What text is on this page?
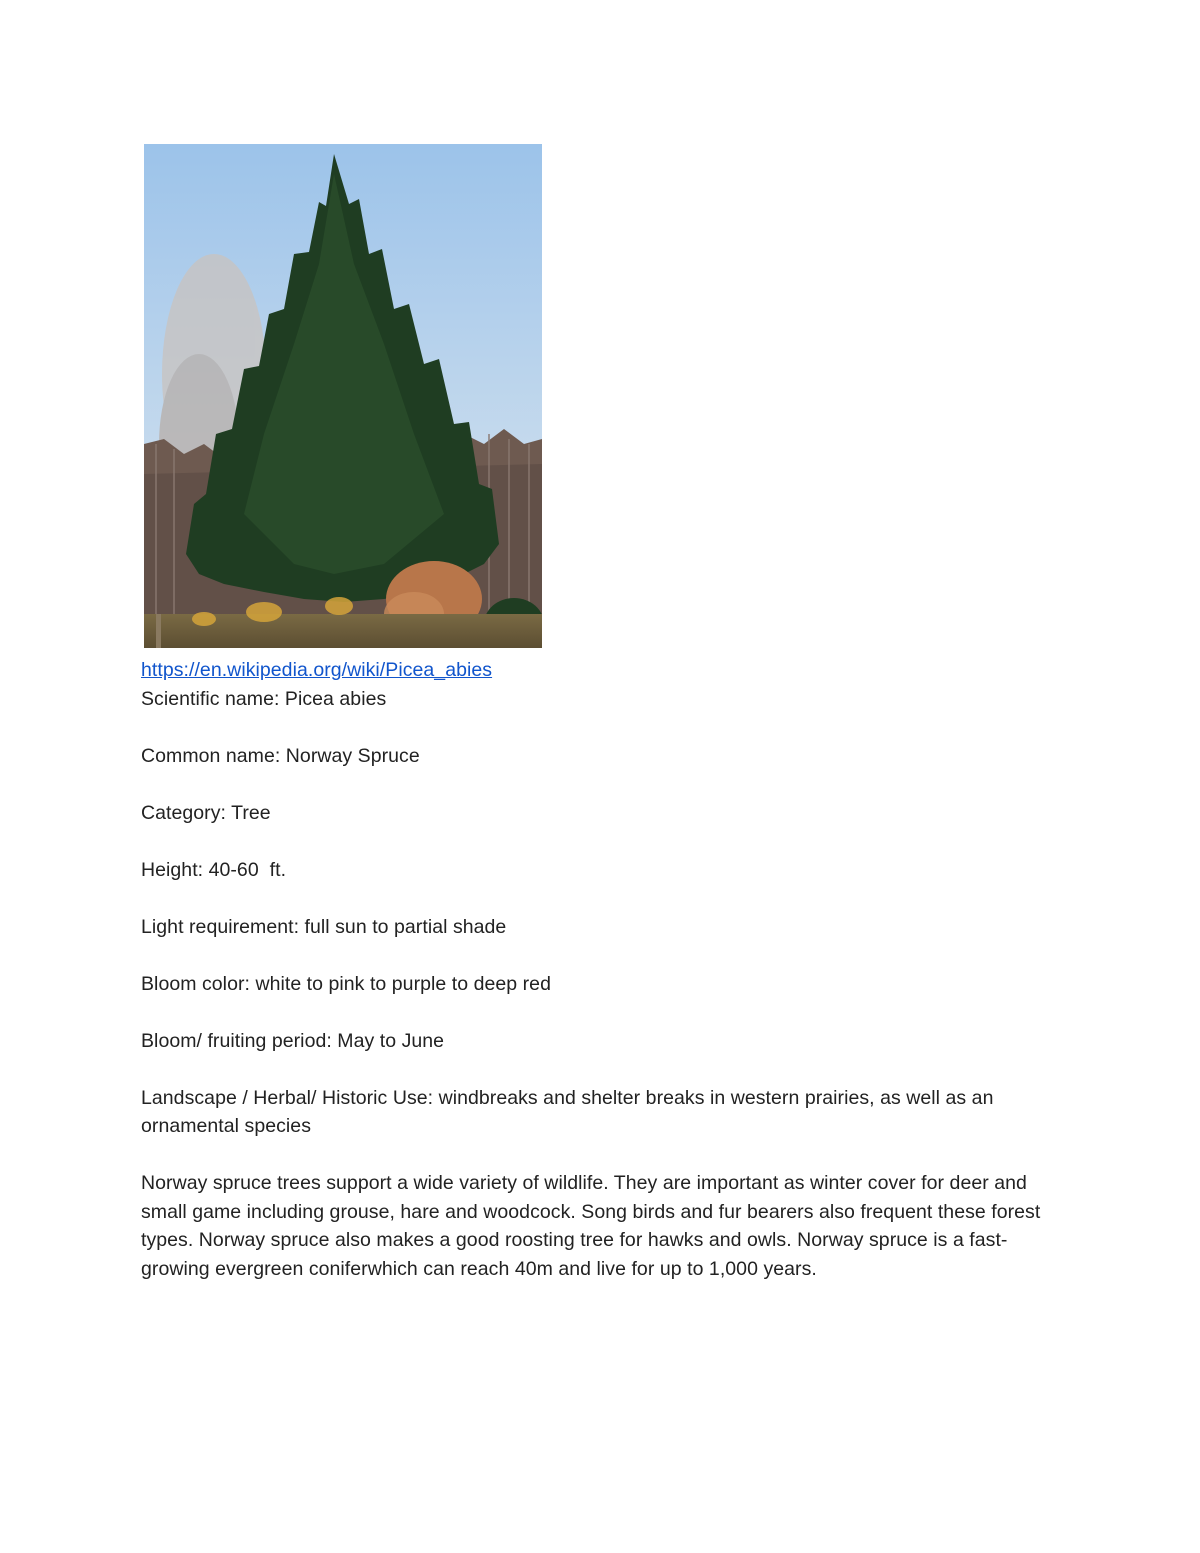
https://en.wikipedia.org/wiki/Picea_abies

Scientific name: Picea abies

Common name: Norway Spruce

Category: Tree

Height: 40-60  ft.

Light requirement: full sun to partial shade

Bloom color: white to pink to purple to deep red

Bloom/ fruiting period: May to June

Landscape / Herbal/ Historic Use: windbreaks and shelter breaks in western prairies, as well as an ornamental species

Norway spruce trees support a wide variety of wildlife. They are important as winter cover for deer and small game including grouse, hare and woodcock. Song birds and fur bearers also frequent these forest types. Norway spruce also makes a good roosting tree for hawks and owls. Norway spruce is a fast-growing evergreen coniferwhich can reach 40m and live for up to 1,000 years.
